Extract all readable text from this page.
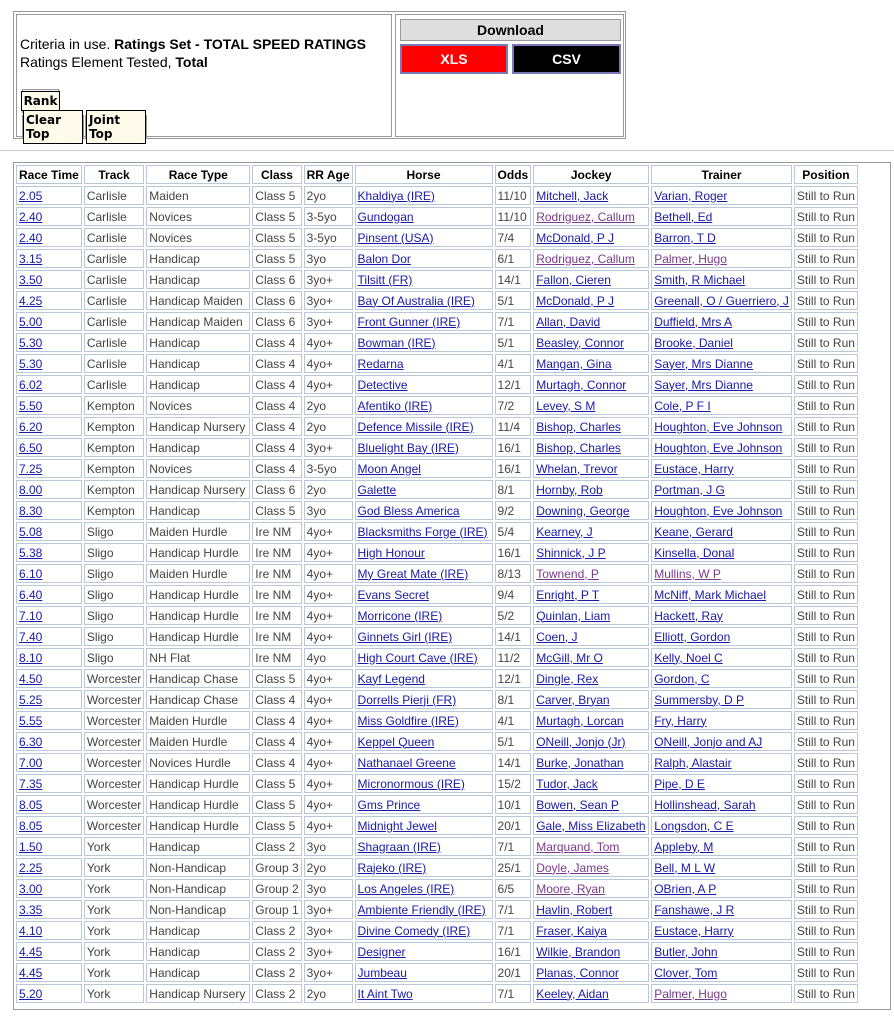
Criteria in use. Ratings Set - TOTAL SPEED RATINGS
Ratings Element Tested, Total
Rank
Clear Top
Joint Top
Download
XLS	CSV
Race Time	Track	Race Type	Class	RR Age	Horse	Odds	Jockey	Trainer	Position
2.05	Carlisle	Maiden	Class 5	2yo	Khaldiya (IRE)	11/10	Mitchell, Jack	Varian, Roger	Still to Run
2.40	Carlisle	Novices	Class 5	3-5yo	Gundogan	11/10	Rodriguez, Callum	Bethell, Ed	Still to Run
2.40	Carlisle	Novices	Class 5	3-5yo	Pinsent (USA)	7/4	McDonald, P J	Barron, T D	Still to Run
3.15	Carlisle	Handicap	Class 5	3yo	Balon Dor	6/1	Rodriguez, Callum	Palmer, Hugo	Still to Run
3.50	Carlisle	Handicap	Class 6	3yo+	Tilsitt (FR)	14/1	Fallon, Cieren	Smith, R Michael	Still to Run
4.25	Carlisle	Handicap Maiden	Class 6	3yo+	Bay Of Australia (IRE)	5/1	McDonald, P J	Greenall, O / Guerriero, J	Still to Run
5.00	Carlisle	Handicap Maiden	Class 6	3yo+	Front Gunner (IRE)	7/1	Allan, David	Duffield, Mrs A	Still to Run
5.30	Carlisle	Handicap	Class 4	4yo+	Bowman (IRE)	5/1	Beasley, Connor	Brooke, Daniel	Still to Run
5.30	Carlisle	Handicap	Class 4	4yo+	Redarna	4/1	Mangan, Gina	Sayer, Mrs Dianne	Still to Run
6.02	Carlisle	Handicap	Class 4	4yo+	Detective	12/1	Murtagh, Connor	Sayer, Mrs Dianne	Still to Run
5.50	Kempton	Novices	Class 4	2yo	Afentiko (IRE)	7/2	Levey, S M	Cole, P F I	Still to Run
6.20	Kempton	Handicap Nursery	Class 4	2yo	Defence Missile (IRE)	11/4	Bishop, Charles	Houghton, Eve Johnson	Still to Run
6.50	Kempton	Handicap	Class 4	3yo+	Bluelight Bay (IRE)	16/1	Bishop, Charles	Houghton, Eve Johnson	Still to Run
7.25	Kempton	Novices	Class 4	3-5yo	Moon Angel	16/1	Whelan, Trevor	Eustace, Harry	Still to Run
8.00	Kempton	Handicap Nursery	Class 6	2yo	Galette	8/1	Hornby, Rob	Portman, J G	Still to Run
8.30	Kempton	Handicap	Class 5	3yo	God Bless America	9/2	Downing, George	Houghton, Eve Johnson	Still to Run
5.08	Sligo	Maiden Hurdle	Ire NM	4yo+	Blacksmiths Forge (IRE)	5/4	Kearney, J	Keane, Gerard	Still to Run
5.38	Sligo	Handicap Hurdle	Ire NM	4yo+	High Honour	16/1	Shinnick, J P	Kinsella, Donal	Still to Run
6.10	Sligo	Maiden Hurdle	Ire NM	4yo+	My Great Mate (IRE)	8/13	Townend, P	Mullins, W P	Still to Run
6.40	Sligo	Handicap Hurdle	Ire NM	4yo+	Evans Secret	9/4	Enright, P T	McNiff, Mark Michael	Still to Run
7.10	Sligo	Handicap Hurdle	Ire NM	4yo+	Morricone (IRE)	5/2	Quinlan, Liam	Hackett, Ray	Still to Run
7.40	Sligo	Handicap Hurdle	Ire NM	4yo+	Ginnets Girl (IRE)	14/1	Coen, J	Elliott, Gordon	Still to Run
8.10	Sligo	NH Flat	Ire NM	4yo	High Court Cave (IRE)	11/2	McGill, Mr O	Kelly, Noel C	Still to Run
4.50	Worcester	Handicap Chase	Class 5	4yo+	Kayf Legend	12/1	Dingle, Rex	Gordon, C	Still to Run
5.25	Worcester	Handicap Chase	Class 4	4yo+	Dorrells Pierji (FR)	8/1	Carver, Bryan	Summersby, D P	Still to Run
5.55	Worcester	Maiden Hurdle	Class 4	4yo+	Miss Goldfire (IRE)	4/1	Murtagh, Lorcan	Fry, Harry	Still to Run
6.30	Worcester	Maiden Hurdle	Class 4	4yo+	Keppel Queen	5/1	ONeill, Jonjo (Jr)	ONeill, Jonjo and AJ	Still to Run
7.00	Worcester	Novices Hurdle	Class 4	4yo+	Nathanael Greene	14/1	Burke, Jonathan	Ralph, Alastair	Still to Run
7.35	Worcester	Handicap Hurdle	Class 5	4yo+	Micronormous (IRE)	15/2	Tudor, Jack	Pipe, D E	Still to Run
8.05	Worcester	Handicap Hurdle	Class 5	4yo+	Gms Prince	10/1	Bowen, Sean P	Hollinshead, Sarah	Still to Run
8.05	Worcester	Handicap Hurdle	Class 5	4yo+	Midnight Jewel	20/1	Gale, Miss Elizabeth	Longsdon, C E	Still to Run
1.50	York	Handicap	Class 2	3yo	Shagraan (IRE)	7/1	Marquand, Tom	Appleby, M	Still to Run
2.25	York	Non-Handicap	Group 3	2yo	Rajeko (IRE)	25/1	Doyle, James	Bell, M L W	Still to Run
3.00	York	Non-Handicap	Group 2	3yo	Los Angeles (IRE)	6/5	Moore, Ryan	OBrien, A P	Still to Run
3.35	York	Non-Handicap	Group 1	3yo+	Ambiente Friendly (IRE)	7/1	Havlin, Robert	Fanshawe, J R	Still to Run
4.10	York	Handicap	Class 2	3yo+	Divine Comedy (IRE)	7/1	Fraser, Kaiya	Eustace, Harry	Still to Run
4.45	York	Handicap	Class 2	3yo+	Designer	16/1	Wilkie, Brandon	Butler, John	Still to Run
4.45	York	Handicap	Class 2	3yo+	Jumbeau	20/1	Planas, Connor	Clover, Tom	Still to Run
5.20	York	Handicap Nursery	Class 2	2yo	It Aint Two	7/1	Keeley, Aidan	Palmer, Hugo	Still to Run
